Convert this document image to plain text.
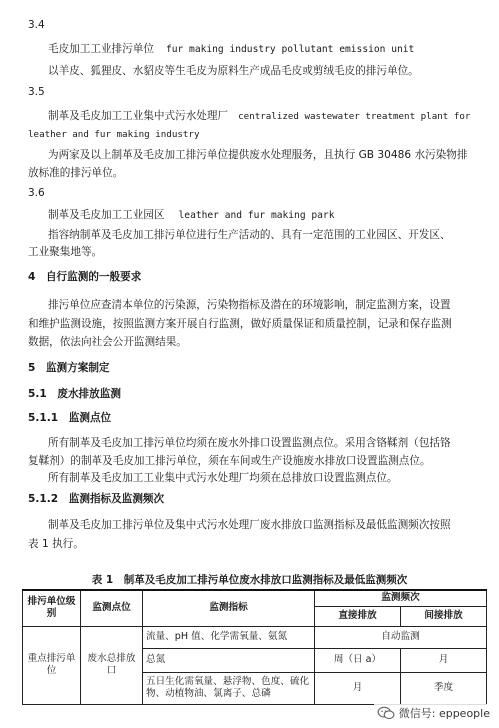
3.4
毛皮加工工业排污单位 fur making industry pollutant emission unit
以羊皮、狐狸皮、水貂皮等生毛皮为原料生产成品毛皮或剪绒毛皮的排污单位。
3.5
制革及毛皮加工工业集中式污水处理厂 centralized wastewater treatment plant for
leather and fur making industry
为两家及以上制革及毛皮加工排污单位提供废水处理服务，且执行 GB 30486 水污染物排
放标准的排污单位。
3.6
制革及毛皮加工工业园区 leather and fur making park
指容纳制革及毛皮加工排污单位进行生产活动的、具有一定范围的工业园区、开发区、
工业聚集地等。
4　自行监测的一般要求
排污单位应查清本单位的污染源，污染物指标及潜在的环境影响，制定监测方案，设置
和维护监测设施，按照监测方案开展自行监测，做好质量保证和质量控制，记录和保存监测
数据，依法向社会公开监测结果。
5　监测方案制定
5.1　废水排放监测
5.1.1　监测点位
所有制革及毛皮加工排污单位均须在废水外排口设置监测点位。采用含铬鞣剂（包括铬
复鞣剂）的制革及毛皮加工排污单位，须在车间或生产设施废水排放口设置监测点位。
所有制革及毛皮加工工业集中式污水处理厂均须在总排放口设置监测点位。
5.1.2　监测指标及监测频次
制革及毛皮加工排污单位及集中式污水处理厂废水排放口监测指标及最低监测频次按照
表 1 执行。
表 1　制革及毛皮加工排污单位废水排放口监测指标及最低监测频次
排污单位级别	监测点位	监测指标	监测频次	
			直接排放	间接排放
重点排污单位	废水总排放口	流量、pH 值、化学需氧量、氨氮	自动监测	
		总氮	周（日 a）	月
		五日生化需氧量、悬浮物、色度、硫化物、动植物油、氯离子、总磷	月	季度
微信号: eppeople
